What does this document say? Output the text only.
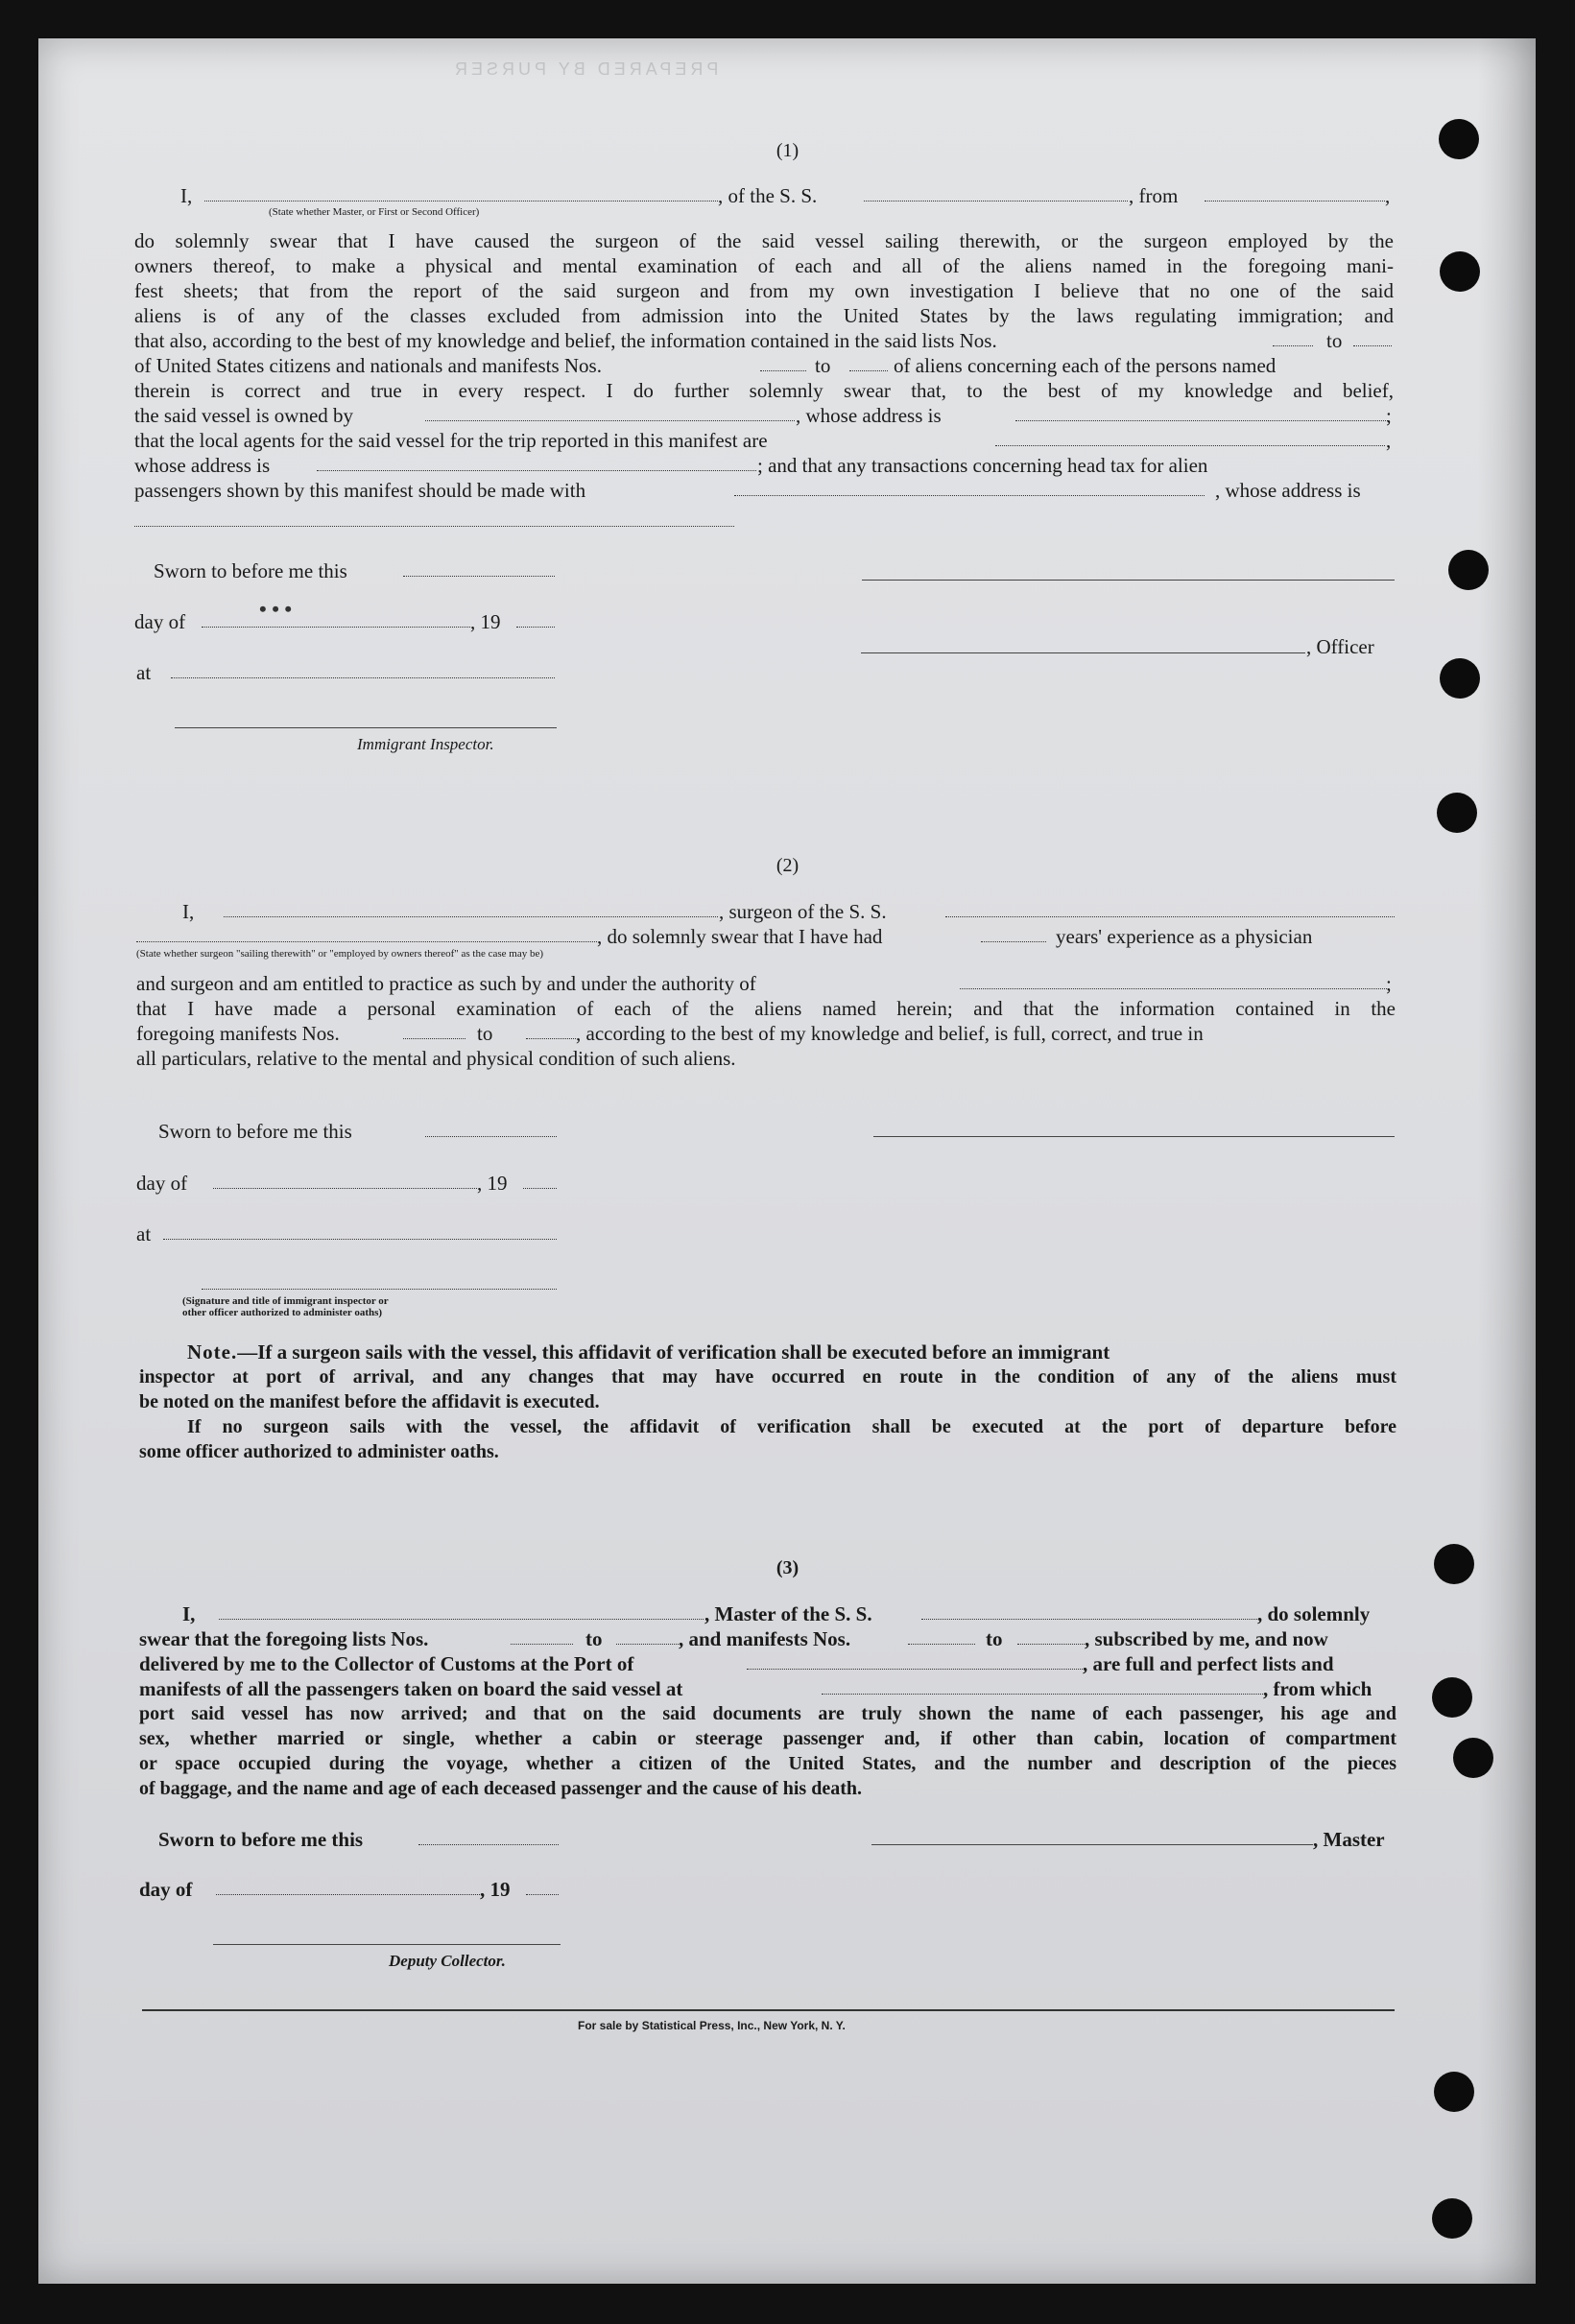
PREPARED BY PURSER
(1)
I,
(State whether Master, or First or Second Officer)
, of the S. S.	, from	,
do solemnly swear that I have caused the surgeon of the said vessel sailing therewith, or the surgeon employed by the
owners thereof, to make a physical and mental examination of each and all of the aliens named in the foregoing mani-
fest sheets; that from the report of the said surgeon and from my own investigation I believe that no one of the said
aliens is of any of the classes excluded from admission into the United States by the laws regulating immigration; and
that also, according to the best of my knowledge and belief, the information contained in the said lists Nos.	to
of United States citizens and nationals and manifests Nos.	to	of aliens concerning each of the persons named
therein is correct and true in every respect. I do further solemnly swear that, to the best of my knowledge and belief,
the said vessel is owned by	, whose address is	;
that the local agents for the said vessel for the trip reported in this manifest are	,
whose address is	; and that any transactions concerning head tax for alien
passengers shown by this manifest should be made with	, whose address is
Sworn to before me this
day of
• • •
, 19
, Officer
at
Immigrant Inspector.
(2)
I,	, surgeon of the S. S.
(State whether surgeon "sailing therewith" or "employed by owners thereof" as the case may be)
, do solemnly swear that I have had	years' experience as a physician
and surgeon and am entitled to practice as such by and under the authority of	;
that I have made a personal examination of each of the aliens named herein; and that the information contained in the
foregoing manifests Nos.	to	, according to the best of my knowledge and belief, is full, correct, and true in
all particulars, relative to the mental and physical condition of such aliens.
Sworn to before me this
day of	, 19
at
(Signature and title of immigrant inspector or
other officer authorized to administer oaths)
Note.—If a surgeon sails with the vessel, this affidavit of verification shall be executed before an immigrant
inspector at port of arrival, and any changes that may have occurred en route in the condition of any of the aliens must
be noted on the manifest before the affidavit is executed.
If no surgeon sails with the vessel, the affidavit of verification shall be executed at the port of departure before
some officer authorized to administer oaths.
(3)
I,	, Master of the S. S.	, do solemnly
swear that the foregoing lists Nos.	to	, and manifests Nos.	to	, subscribed by me, and now
delivered by me to the Collector of Customs at the Port of	, are full and perfect lists and
manifests of all the passengers taken on board the said vessel at	, from which
port said vessel has now arrived; and that on the said documents are truly shown the name of each passenger, his age and
sex, whether married or single, whether a cabin or steerage passenger and, if other than cabin, location of compartment
or space occupied during the voyage, whether a citizen of the United States, and the number and description of the pieces
of baggage, and the name and age of each deceased passenger and the cause of his death.
Sworn to before me this	, Master
day of	, 19
Deputy Collector.
For sale by Statistical Press, Inc., New York, N. Y.
